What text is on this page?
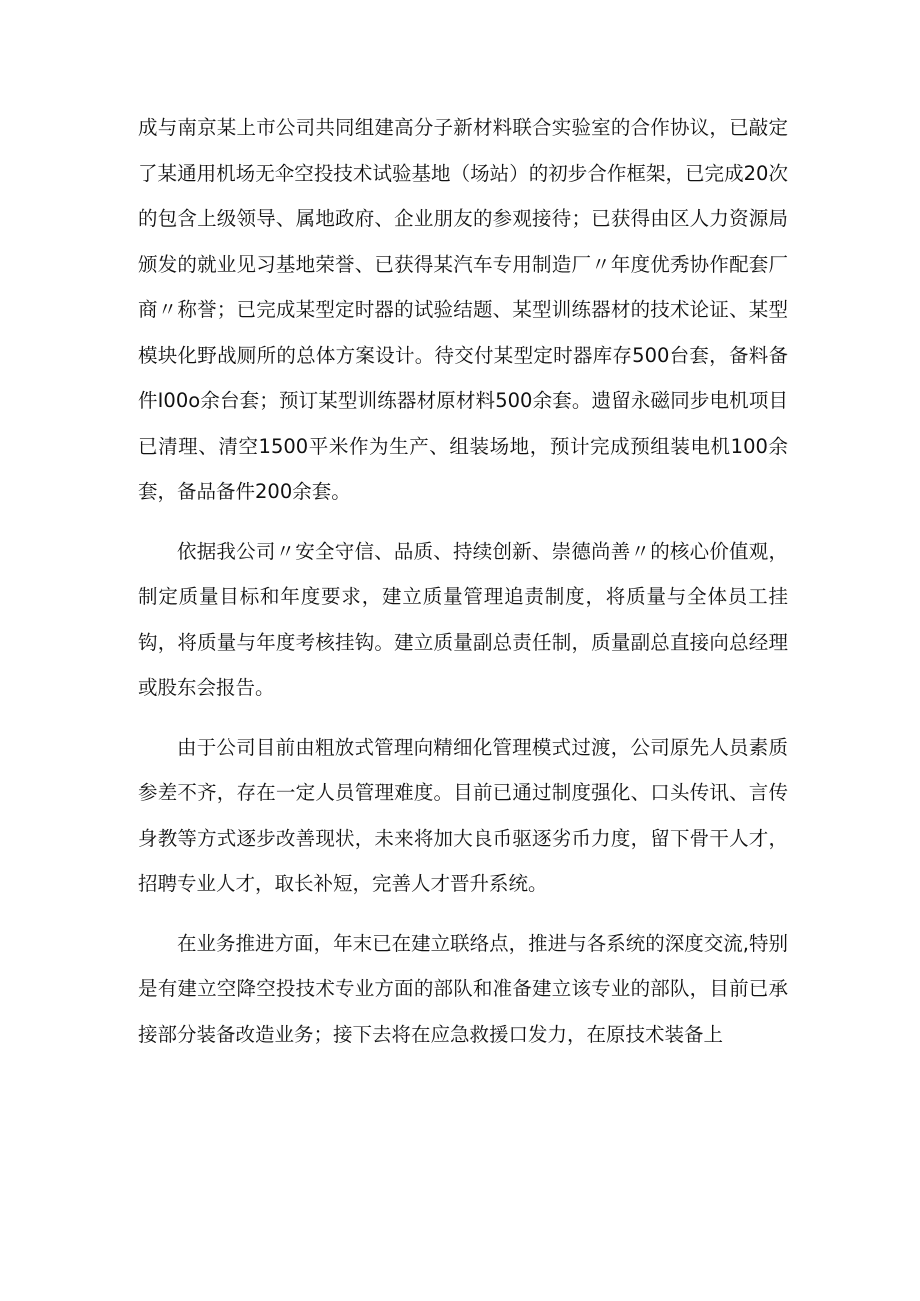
成与南京某上市公司共同组建高分子新材料联合实验室的合作协议，已敲定了某通用机场无伞空投技术试验基地（场站）的初步合作框架，已完成20次的包含上级领导、属地政府、企业朋友的参观接待；已获得由区人力资源局颁发的就业见习基地荣誉、已获得某汽车专用制造厂〃年度优秀协作配套厂商〃称誉；已完成某型定时器的试验结题、某型训练器材的技术论证、某型模块化野战厕所的总体方案设计。待交付某型定时器库存500台套，备料备件I00o余台套；预订某型训练器材原材料500余套。遗留永磁同步电机项目已清理、清空1500平米作为生产、组装场地，预计完成预组装电机100余套，备品备件200余套。

依据我公司〃安全守信、品质、持续创新、崇德尚善〃的核心价值观，制定质量目标和年度要求，建立质量管理追责制度，将质量与全体员工挂钩，将质量与年度考核挂钩。建立质量副总责任制，质量副总直接向总经理或股东会报告。

由于公司目前由粗放式管理向精细化管理模式过渡，公司原先人员素质参差不齐，存在一定人员管理难度。目前已通过制度强化、口头传讯、言传身教等方式逐步改善现状，未来将加大良币驱逐劣币力度，留下骨干人才，招聘专业人才，取长补短，完善人才晋升系统。

在业务推进方面，年末已在建立联络点，推进与各系统的深度交流,特别是有建立空降空投技术专业方面的部队和准备建立该专业的部队，目前已承接部分装备改造业务；接下去将在应急救援口发力，在原技术装备上
